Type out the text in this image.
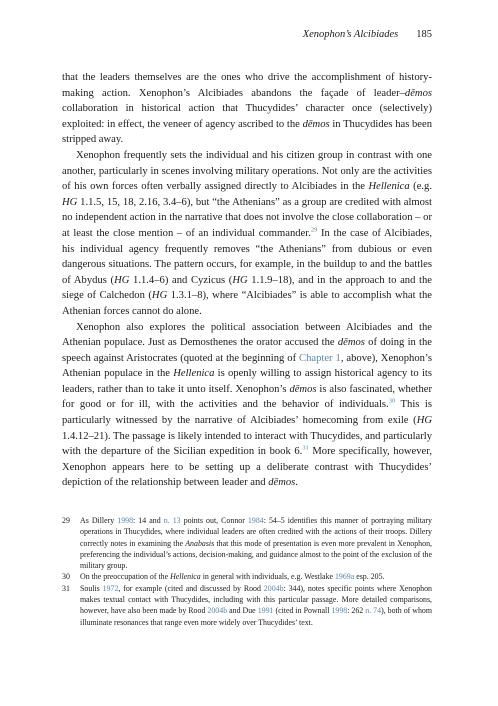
Xenophon’s Alcibiades 185

that the leaders themselves are the ones who drive the accomplishment of history-making action. Xenophon’s Alcibiades abandons the façade of leader–dēmos collaboration in historical action that Thucydides’ character once (selectively) exploited: in effect, the veneer of agency ascribed to the dēmos in Thucydides has been stripped away.

Xenophon frequently sets the individual and his citizen group in contrast with one another, particularly in scenes involving military operations. Not only are the activities of his own forces often verbally assigned directly to Alcibiades in the Hellenica (e.g. HG 1.1.5, 15, 18, 2.16, 3.4–6), but “the Athenians” as a group are credited with almost no independent action in the narrative that does not involve the close collaboration – or at least the close mention – of an individual commander.$^{29}$ In the case of Alcibiades, his individual agency frequently removes “the Athenians” from dubious or even dangerous situations. The pattern occurs, for example, in the buildup to and the battles of Abydus (HG 1.1.4–6) and Cyzicus (HG 1.1.9–18), and in the approach to and the siege of Calchedon (HG 1.3.1–8), where “Alcibiades” is able to accomplish what the Athenian forces cannot do alone.

Xenophon also explores the political association between Alcibiades and the Athenian populace. Just as Demosthenes the orator accused the dēmos of doing in the speech against Aristocrates (quoted at the beginning of Chapter 1, above), Xenophon’s Athenian populace in the Hellenica is openly willing to assign historical agency to its leaders, rather than to take it unto itself. Xenophon’s dēmos is also fascinated, whether for good or for ill, with the activities and the behavior of individuals.$^{30}$ This is particularly witnessed by the narrative of Alcibiades’ homecoming from exile (HG 1.4.12–21). The passage is likely intended to interact with Thucydides, and particularly with the departure of the Sicilian expedition in book 6.31 More specifically, however, Xenophon appears here to be setting up a deliberate contrast with Thucydides’ depiction of the relationship between leader and dēmos.

29 As Dillery 1998: 14 and n. 13 points out, Connor 1984: 54–5 identifies this manner of portraying military operations in Thucydides, where individual leaders are often credited with the actions of their troops. Dillery correctly notes in examining the Anabasis that this mode of presentation is even more prevalent in Xenophon, preferencing the individual’s actions, decision-making, and guidance almost to the point of the exclusion of the military group.
30 On the preoccupation of the Hellenica in general with individuals, e.g. Westlake 1969a esp. 205.
31 Soulis 1972, for example (cited and discussed by Rood 2004b: 344), notes specific points where Xenophon makes textual contact with Thucydides, including with this particular passage. More detailed comparisons, however, have also been made by Rood 2004b and Due 1991 (cited in Pownall 1998: 262 n. 74), both of whom illuminate resonances that range even more widely over Thucydides’ text.
